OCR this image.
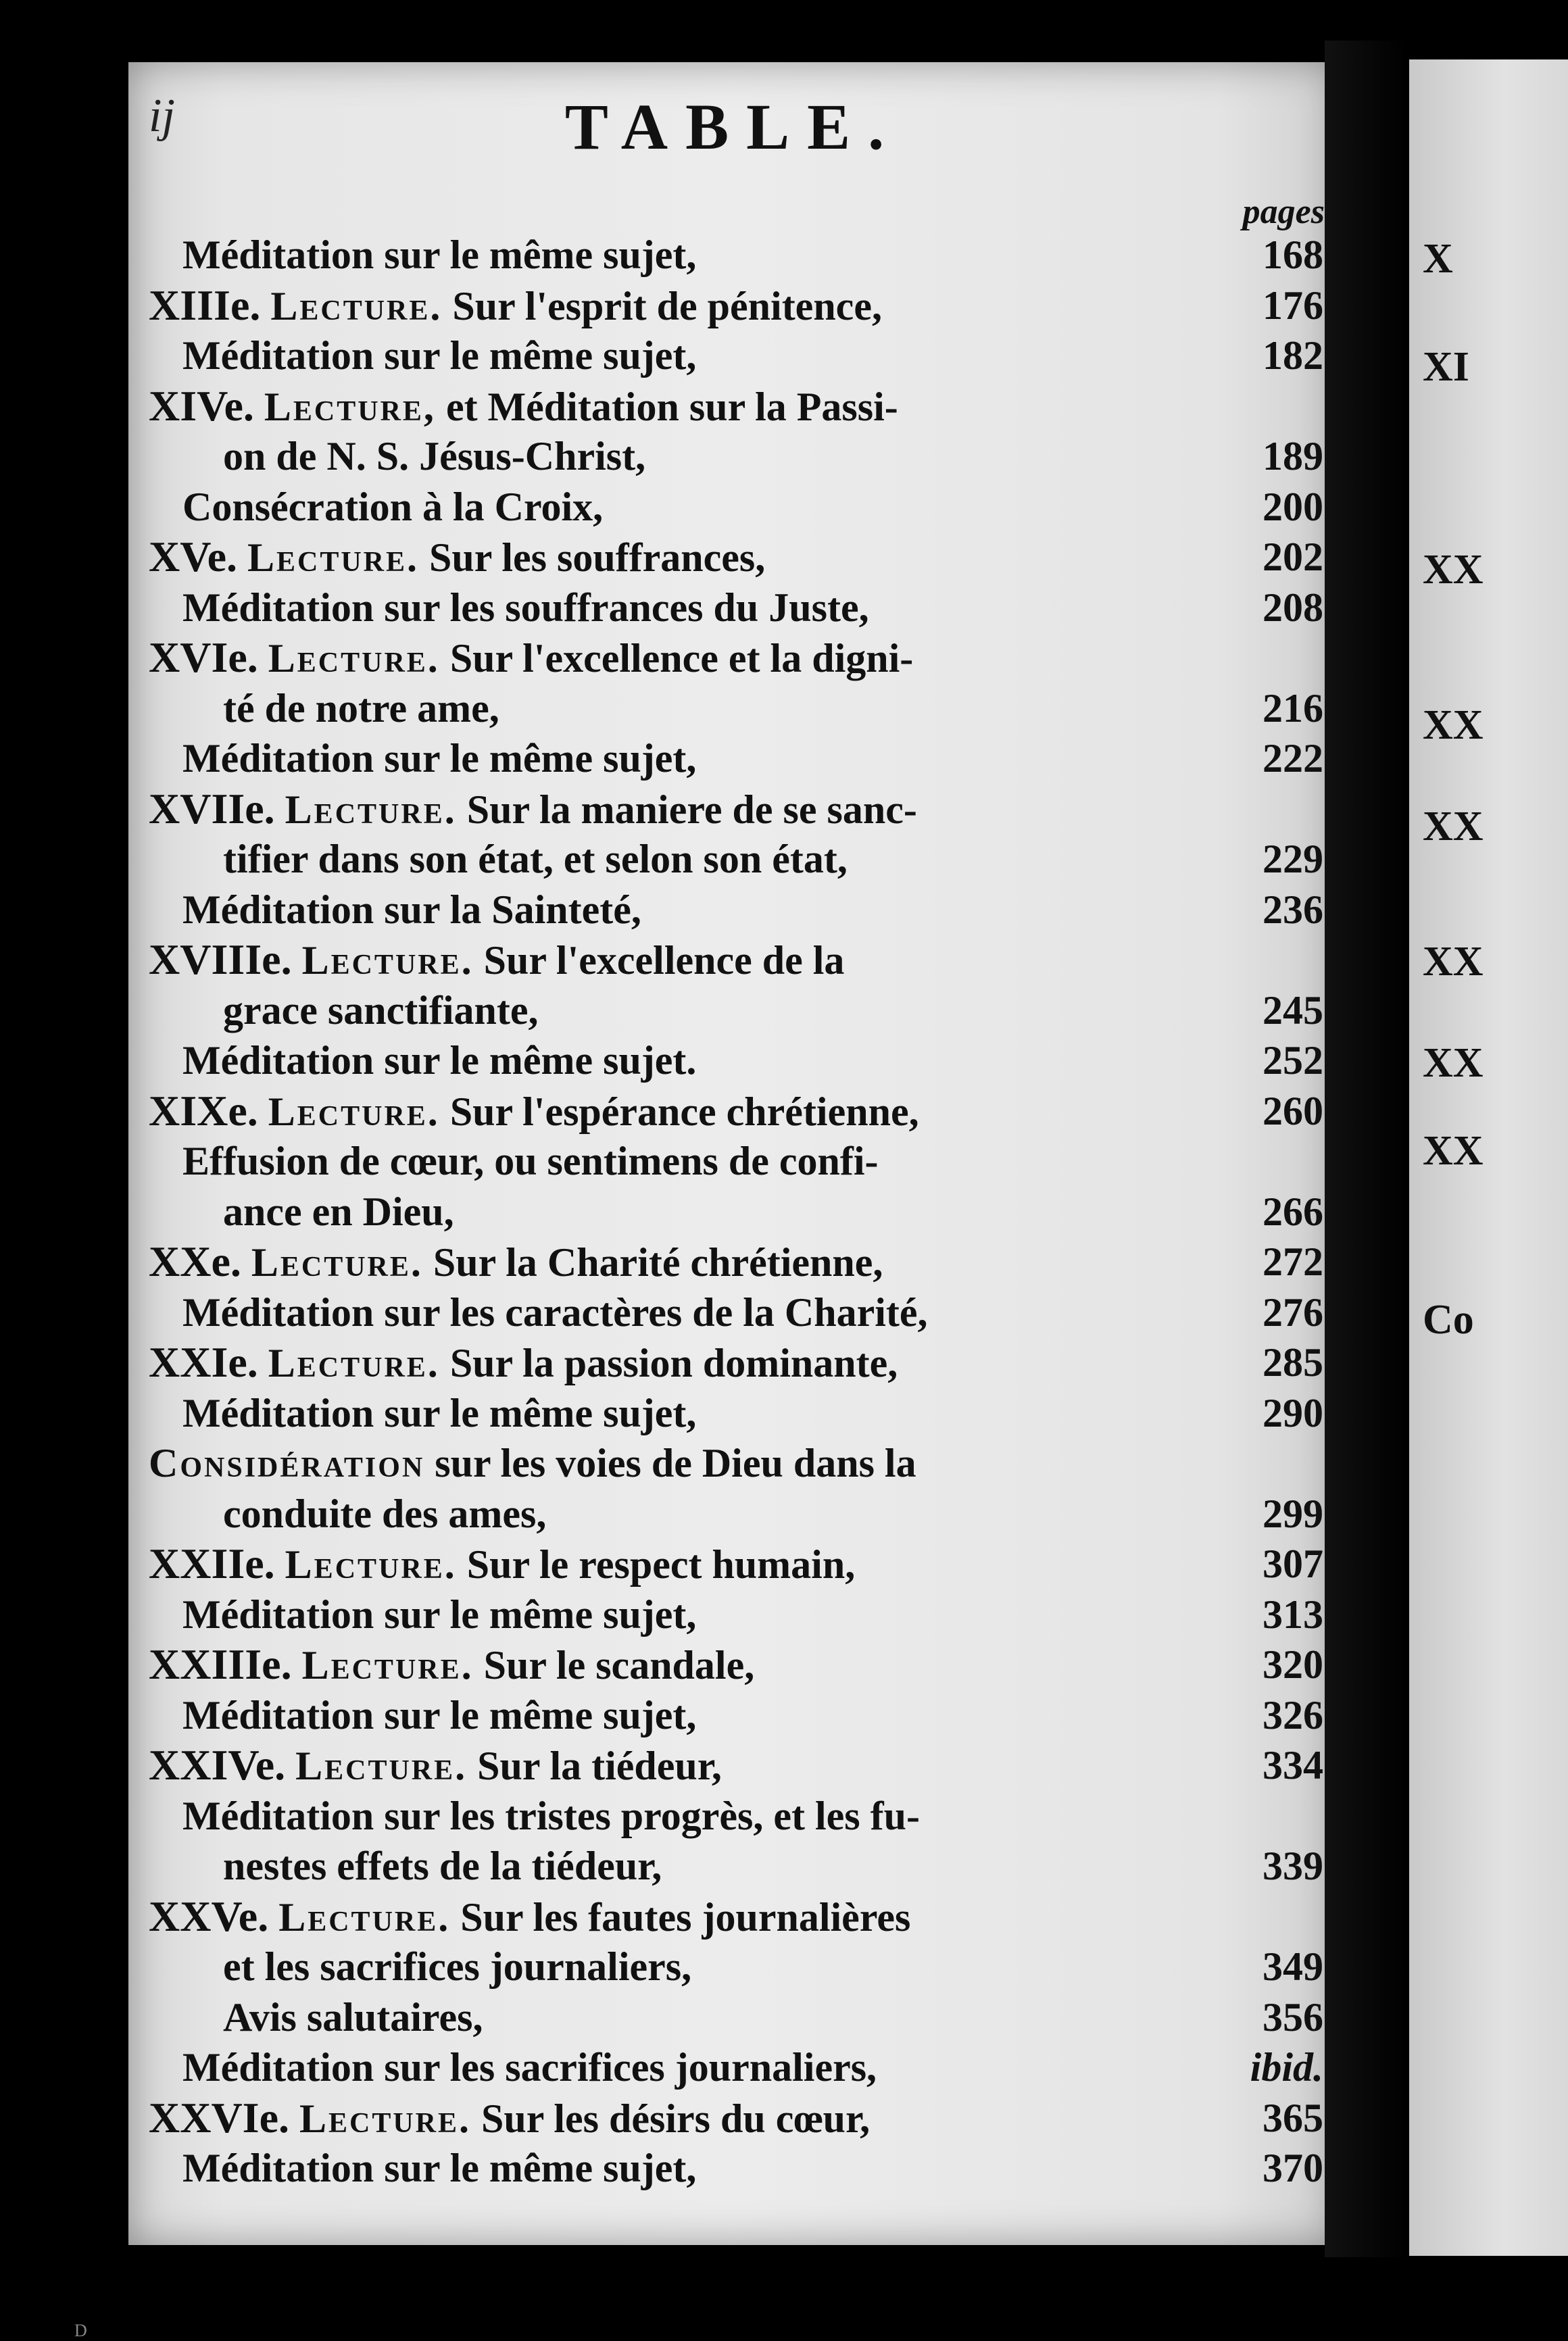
ij	TABLE.
pages
Méditation sur le même sujet,	168
XIIIe. Lecture. Sur l'esprit de pénitence,	176
Méditation sur le même sujet,	182
XIVe. Lecture, et Méditation sur la Passi-
on de N. S. Jésus-Christ,	189
Consécration à la Croix,	200
XVe. Lecture. Sur les souffrances,	202
Méditation sur les souffrances du Juste,	208
XVIe. Lecture. Sur l'excellence et la digni-
té de notre ame,	216
Méditation sur le même sujet,	222
XVIIe. Lecture. Sur la maniere de se sanc-
tifier dans son état, et selon son état,	229
Méditation sur la Sainteté,	236
XVIIIe. Lecture. Sur l'excellence de la
grace sanctifiante,	245
Méditation sur le même sujet.	252
XIXe. Lecture. Sur l'espérance chrétienne,	260
Effusion de cœur, ou sentimens de confi-
ance en Dieu,	266
XXe. Lecture. Sur la Charité chrétienne,	272
Méditation sur les caractères de la Charité,	276
XXIe. Lecture. Sur la passion dominante,	285
Méditation sur le même sujet,	290
Considération sur les voies de Dieu dans la
conduite des ames,	299
XXIIe. Lecture. Sur le respect humain,	307
Méditation sur le même sujet,	313
XXIIIe. Lecture. Sur le scandale,	320
Méditation sur le même sujet,	326
XXIVe. Lecture. Sur la tiédeur,	334
Méditation sur les tristes progrès, et les fu-
nestes effets de la tiédeur,	339
XXVe. Lecture. Sur les fautes journalières
et les sacrifices journaliers,	349
Avis salutaires,	356
Méditation sur les sacrifices journaliers,	ibid.
XXVIe. Lecture. Sur les désirs du cœur,	365
Méditation sur le même sujet,	370
X
XI
XX
XX
XX
XX
XX
XX
Co
D
